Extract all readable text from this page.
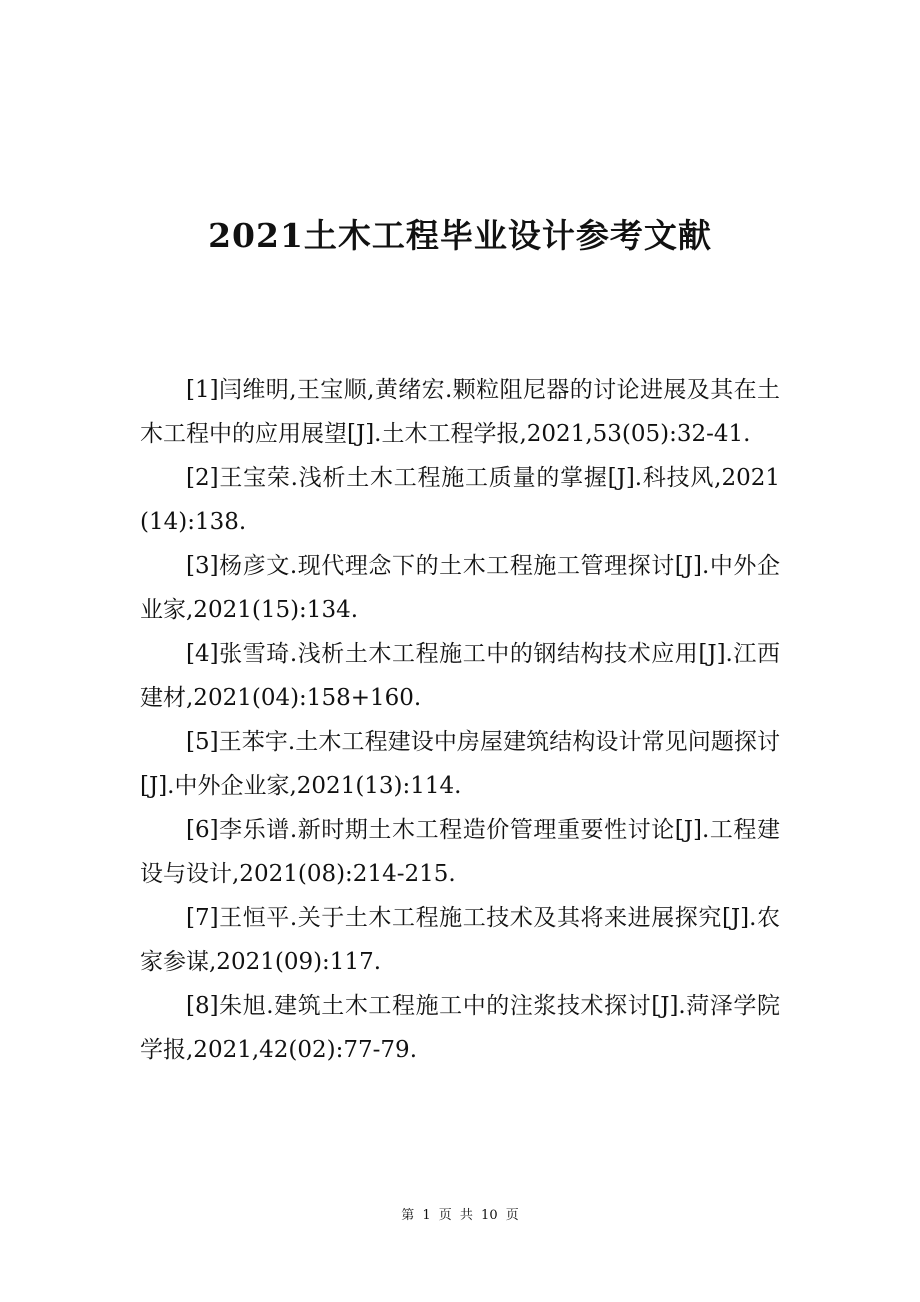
2021土木工程毕业设计参考文献

[1]闫维明,王宝顺,黄绪宏.颗粒阻尼器的讨论进展及其在土木工程中的应用展望[J].土木工程学报,2021,53(05):32-41.

[2]王宝荣.浅析土木工程施工质量的掌握[J].科技风,2021(14):138.

[3]杨彦文.现代理念下的土木工程施工管理探讨[J].中外企业家,2021(15):134.

[4]张雪琦.浅析土木工程施工中的钢结构技术应用[J].江西建材,2021(04):158+160.

[5]王苯宇.土木工程建设中房屋建筑结构设计常见问题探讨[J].中外企业家,2021(13):114.

[6]李乐谱.新时期土木工程造价管理重要性讨论[J].工程建设与设计,2021(08):214-215.

[7]王恒平.关于土木工程施工技术及其将来进展探究[J].农家参谋,2021(09):117.

[8]朱旭.建筑土木工程施工中的注浆技术探讨[J].菏泽学院学报,2021,42(02):77-79.

第 1 页 共 10 页
